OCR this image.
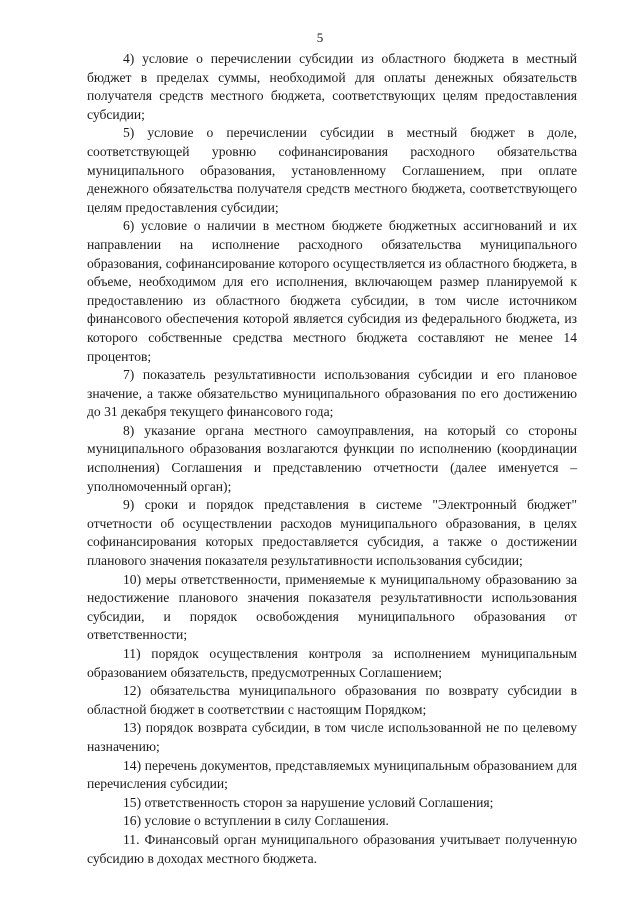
5

4) условие о перечислении субсидии из областного бюджета в местный бюджет в пределах суммы, необходимой для оплаты денежных обязательств получателя средств местного бюджета, соответствующих целям предоставления субсидии;

5) условие о перечислении субсидии в местный бюджет в доле, соответствующей уровню софинансирования расходного обязательства муниципального образования, установленному Соглашением, при оплате денежного обязательства получателя средств местного бюджета, соответствующего целям предоставления субсидии;

6) условие о наличии в местном бюджете бюджетных ассигнований и их направлении на исполнение расходного обязательства муниципального образования, софинансирование которого осуществляется из областного бюджета, в объеме, необходимом для его исполнения, включающем размер планируемой к предоставлению из областного бюджета субсидии, в том числе источником финансового обеспечения которой является субсидия из федерального бюджета, из которого собственные средства местного бюджета составляют не менее 14 процентов;

7) показатель результативности использования субсидии и его плановое значение, а также обязательство муниципального образования по его достижению до 31 декабря текущего финансового года;

8) указание органа местного самоуправления, на который со стороны муниципального образования возлагаются функции по исполнению (координации исполнения) Соглашения и представлению отчетности (далее именуется – уполномоченный орган);

9) сроки и порядок представления в системе "Электронный бюджет" отчетности об осуществлении расходов муниципального образования, в целях софинансирования которых предоставляется субсидия, а также о достижении планового значения показателя результативности использования субсидии;

10) меры ответственности, применяемые к муниципальному образованию за недостижение планового значения показателя результативности использования субсидии, и порядок освобождения муниципального образования от ответственности;

11) порядок осуществления контроля за исполнением муниципальным образованием обязательств, предусмотренных Соглашением;

12) обязательства муниципального образования по возврату субсидии в областной бюджет в соответствии с настоящим Порядком;

13) порядок возврата субсидии, в том числе использованной не по целевому назначению;

14) перечень документов, представляемых муниципальным образованием для перечисления субсидии;

15) ответственность сторон за нарушение условий Соглашения;

16) условие о вступлении в силу Соглашения.

11. Финансовый орган муниципального образования учитывает полученную субсидию в доходах местного бюджета.
